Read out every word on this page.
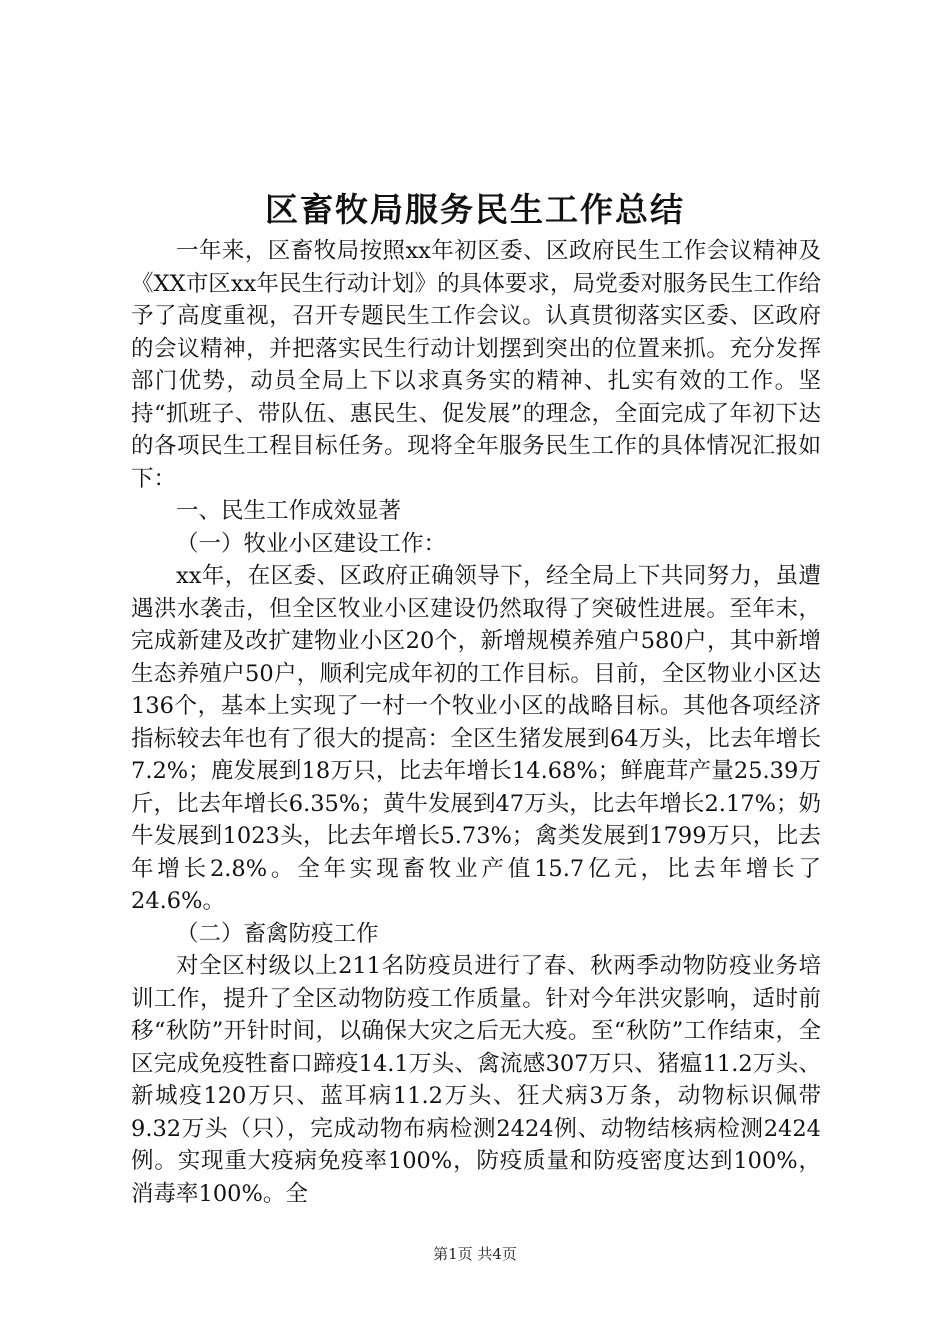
区畜牧局服务民生工作总结

一年来，区畜牧局按照xx年初区委、区政府民生工作会议精神及《XX市区xx年民生行动计划》的具体要求，局党委对服务民生工作给予了高度重视，召开专题民生工作会议。认真贯彻落实区委、区政府的会议精神，并把落实民生行动计划摆到突出的位置来抓。充分发挥部门优势，动员全局上下以求真务实的精神、扎实有效的工作。坚持“抓班子、带队伍、惠民生、促发展”的理念，全面完成了年初下达的各项民生工程目标任务。现将全年服务民生工作的具体情况汇报如下：

一、民生工作成效显著

（一）牧业小区建设工作：

xx年，在区委、区政府正确领导下，经全局上下共同努力，虽遭遇洪水袭击，但全区牧业小区建设仍然取得了突破性进展。至年末，完成新建及改扩建物业小区20个，新增规模养殖户580户，其中新增生态养殖户50户，顺利完成年初的工作目标。目前，全区物业小区达136个，基本上实现了一村一个牧业小区的战略目标。其他各项经济指标较去年也有了很大的提高：全区生猪发展到64万头，比去年增长7.2%；鹿发展到18万只，比去年增长14.68%；鲜鹿茸产量25.39万斤，比去年增长6.35%；黄牛发展到47万头，比去年增长2.17%；奶牛发展到1023头，比去年增长5.73%；禽类发展到1799万只，比去年增长2.8%。全年实现畜牧业产值15.7亿元，比去年增长了24.6%。

（二）畜禽防疫工作

对全区村级以上211名防疫员进行了春、秋两季动物防疫业务培训工作，提升了全区动物防疫工作质量。针对今年洪灾影响，适时前移“秋防”开针时间，以确保大灾之后无大疫。至“秋防”工作结束，全区完成免疫牲畜口蹄疫14.1万头、禽流感307万只、猪瘟11.2万头、新城疫120万只、蓝耳病11.2万头、狂犬病3万条，动物标识佩带9.32万头（只），完成动物布病检测2424例、动物结核病检测2424例。实现重大疫病免疫率100%，防疫质量和防疫密度达到100%，消毒率100%。全

第1页 共4页
